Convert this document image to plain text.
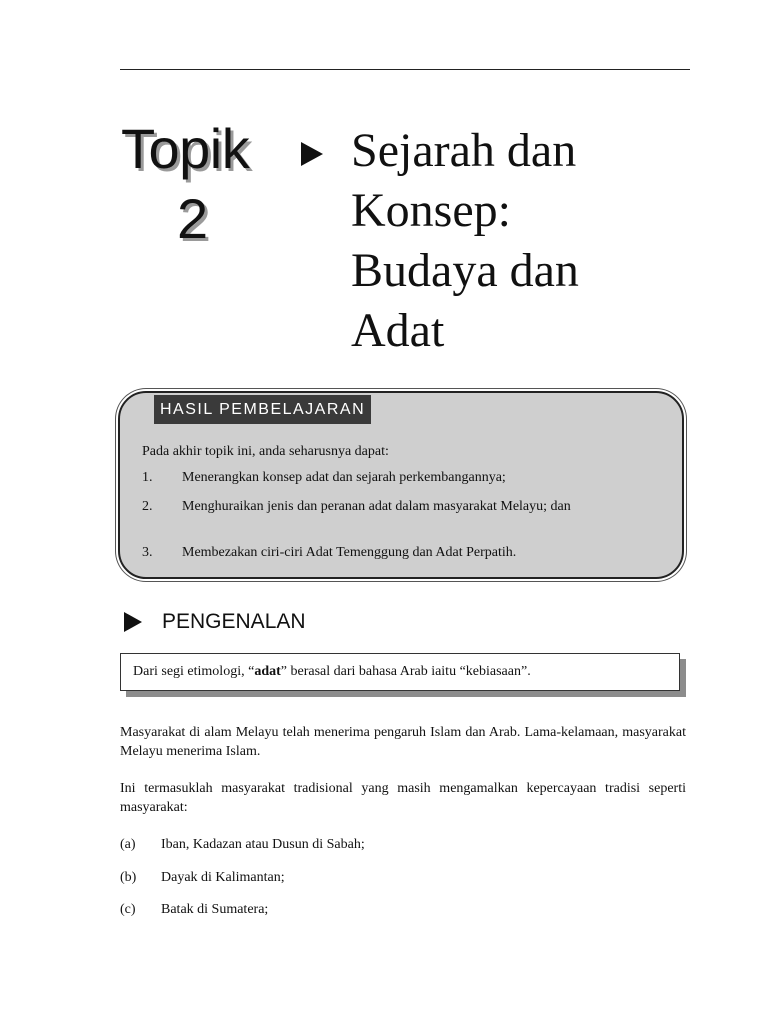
Topik
2
Sejarah dan
Konsep:
Budaya dan
Adat
HASIL PEMBELAJARAN
Pada akhir topik ini, anda seharusnya dapat:
1. Menerangkan konsep adat dan sejarah perkembangannya;
2. Menghuraikan jenis dan peranan adat dalam masyarakat Melayu; dan
3. Membezakan ciri-ciri Adat Temenggung dan Adat Perpatih.
PENGENALAN
Dari segi etimologi, “adat” berasal dari bahasa Arab iaitu “kebiasaan”.
Masyarakat di alam Melayu telah menerima pengaruh Islam dan Arab. Lama-kelamaan, masyarakat Melayu menerima Islam.
Ini termasuklah masyarakat tradisional yang masih mengamalkan kepercayaan tradisi seperti masyarakat:
(a) Iban, Kadazan atau Dusun di Sabah;
(b) Dayak di Kalimantan;
(c) Batak di Sumatera;
